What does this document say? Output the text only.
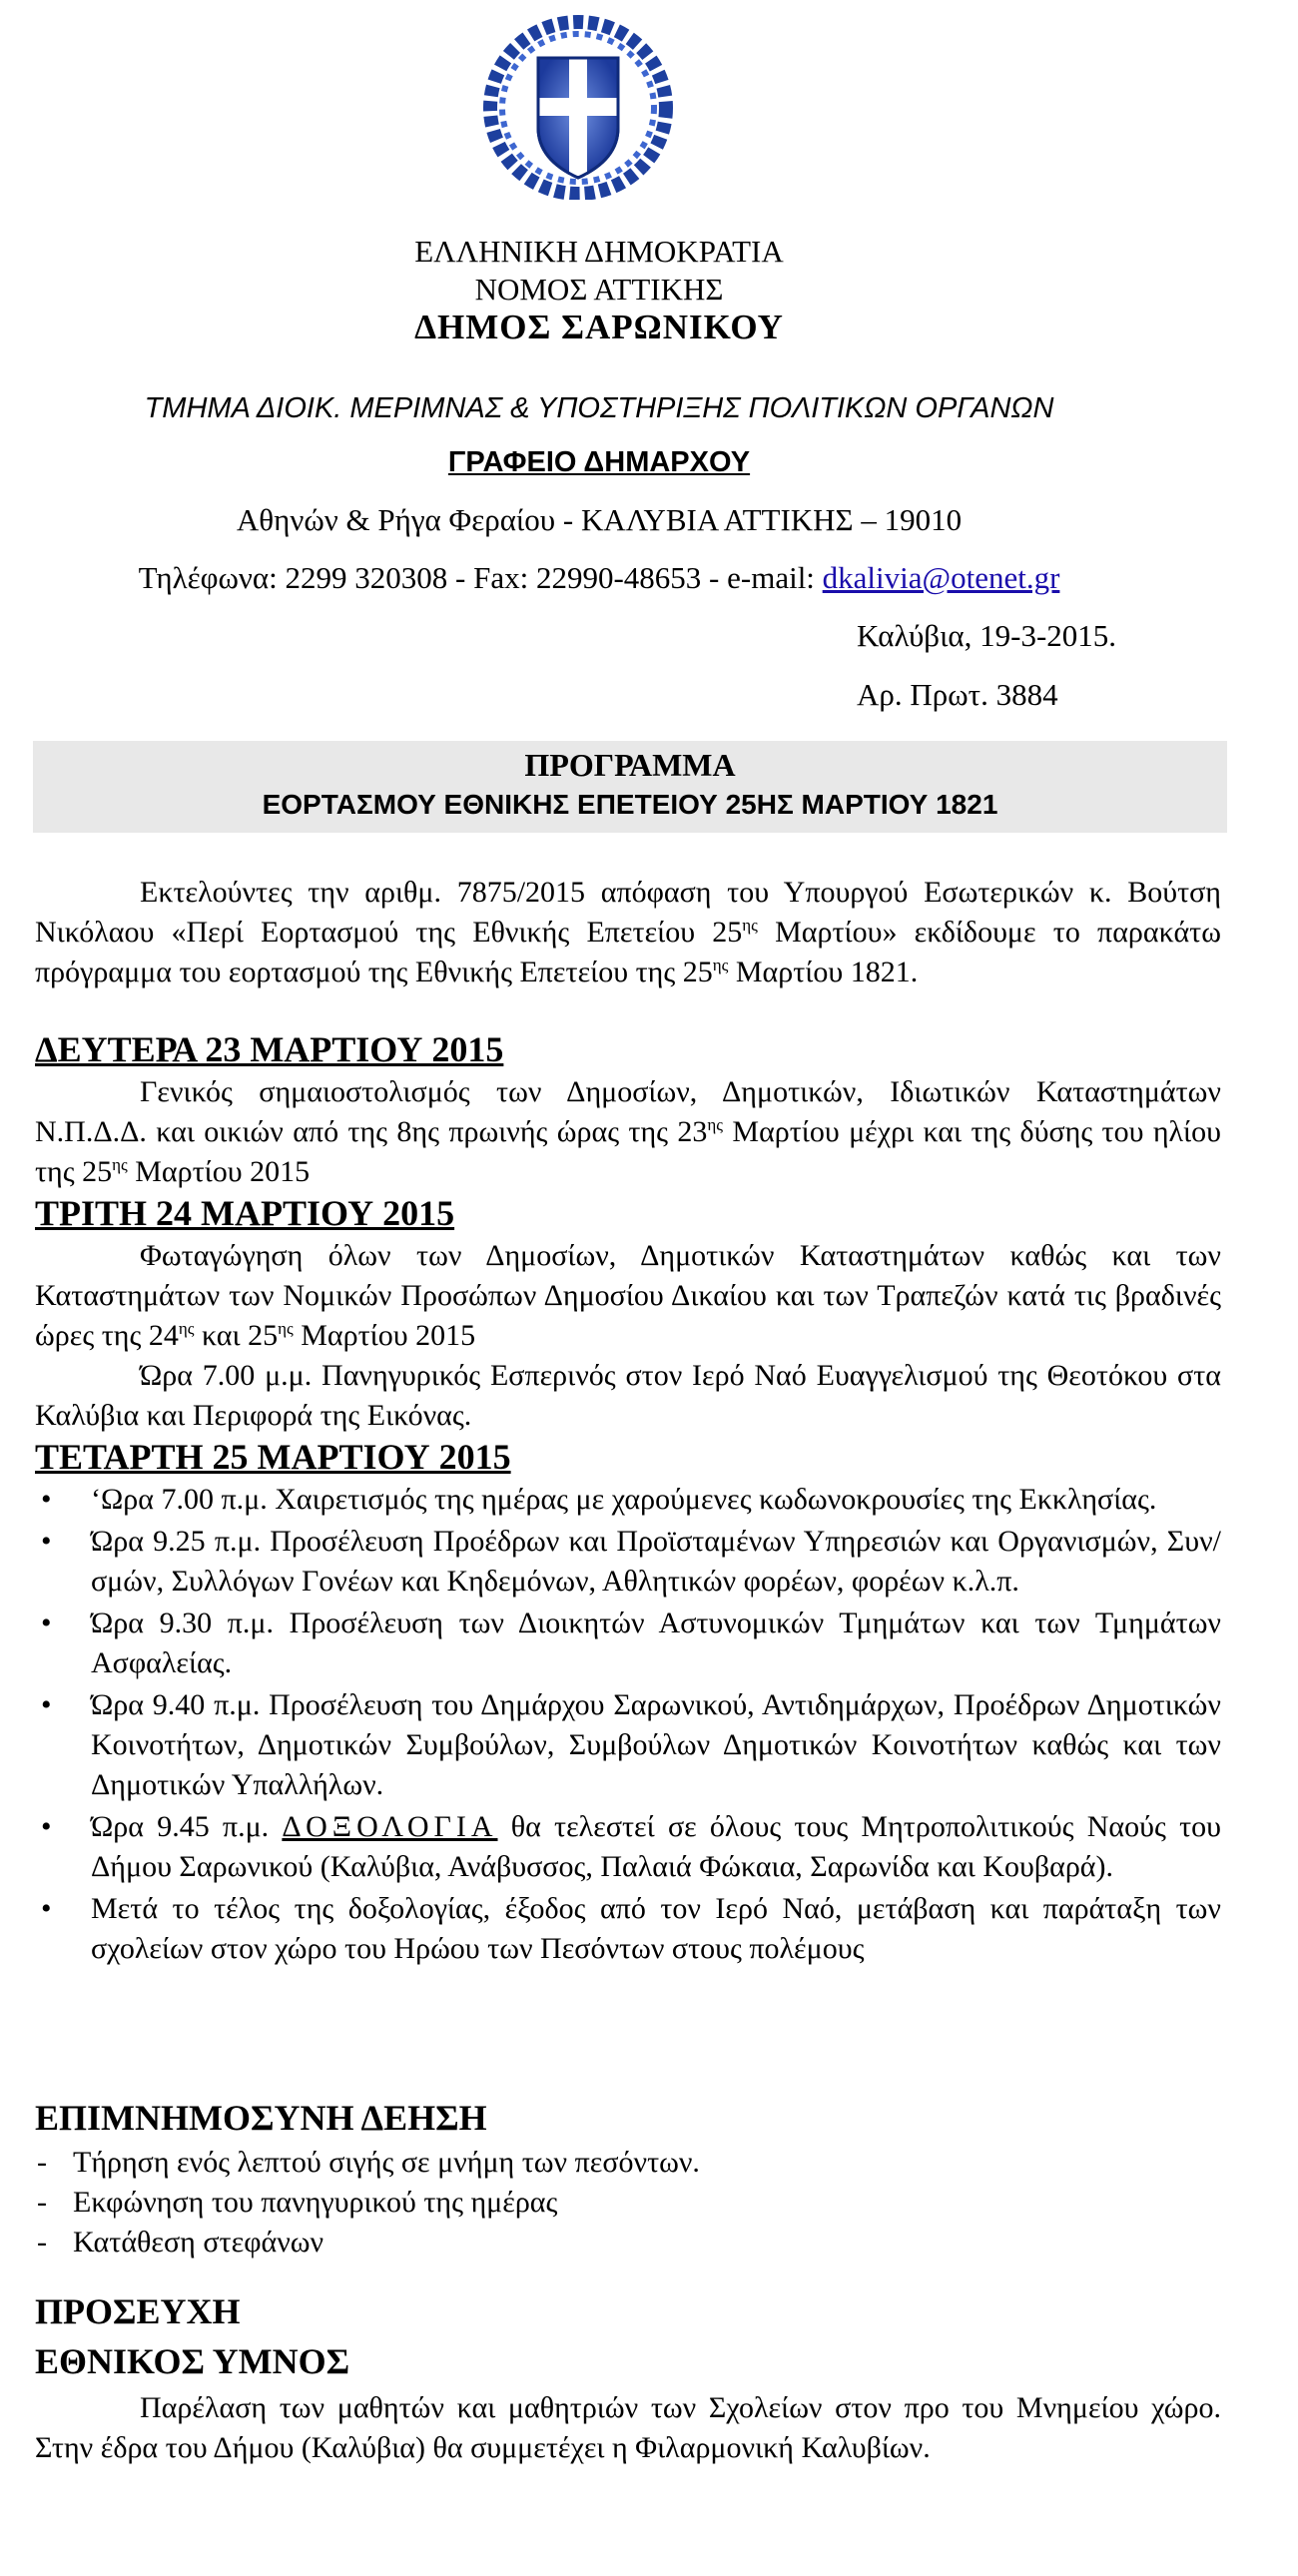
ΕΛΛΗΝΙΚΗ ΔΗΜΟΚΡΑΤΙΑ
ΝΟΜΟΣ ΑΤΤΙΚΗΣ
ΔΗΜΟΣ ΣΑΡΩΝΙΚΟΥ
ΤΜΗΜΑ ΔΙΟΙΚ. ΜΕΡΙΜΝΑΣ & ΥΠΟΣΤΗΡΙΞΗΣ ΠΟΛΙΤΙΚΩΝ ΟΡΓΑΝΩΝ
ΓΡΑΦΕΙΟ ΔΗΜΑΡΧΟΥ
Αθηνών & Ρήγα Φεραίου - ΚΑΛΥΒΙΑ ΑΤΤΙΚΗΣ – 19010
Τηλέφωνα: 2299 320308 - Fax: 22990-48653 - e-mail: dkalivia@otenet.gr
Καλύβια, 19-3-2015.
Αρ. Πρωτ. 3884
ΠΡΟΓΡΑΜΜΑ
ΕΟΡΤΑΣΜΟΥ ΕΘΝΙΚΗΣ ΕΠΕΤΕΙΟΥ 25ΗΣ ΜΑΡΤΙΟΥ 1821

Εκτελούντες την αριθμ. 7875/2015 απόφαση του Υπουργού Εσωτερικών κ. Βούτση Νικόλαου «Περί Εορτασμού της Εθνικής Επετείου $25^{\eta\varsigma}$ Μαρτίου» εκδίδουμε το παρακάτω πρόγραμμα του εορτασμού της Εθνικής Επετείου της $25^{\eta\varsigma}$ Μαρτίου 1821.

ΔΕΥΤΕΡΑ 23 ΜΑΡΤΙΟΥ 2015

Γενικός σημαιοστολισμός των Δημοσίων, Δημοτικών, Ιδιωτικών Καταστημάτων Ν.Π.Δ.Δ. και οικιών από της 8ης πρωινής ώρας της $23^{\eta\varsigma}$ Μαρτίου μέχρι και της δύσης του ηλίου της $25^{\eta\varsigma}$ Μαρτίου 2015

ΤΡΙΤΗ 24 ΜΑΡΤΙΟΥ 2015

Φωταγώγηση όλων των Δημοσίων, Δημοτικών Καταστημάτων καθώς και των Καταστημάτων των Νομικών Προσώπων Δημοσίου Δικαίου και των Τραπεζών κατά τις βραδινές ώρες της $24^{\eta\varsigma}$ και $25^{\eta\varsigma}$ Μαρτίου 2015

Ώρα 7.00 μ.μ. Πανηγυρικός Εσπερινός στον Ιερό Ναό Ευαγγελισμού της Θεοτόκου στα Καλύβια και Περιφορά της Εικόνας.

ΤΕΤΑΡΤΗ 25 ΜΑΡΤΙΟΥ 2015
• ‘Ωρα 7.00 π.μ. Χαιρετισμός της ημέρας με χαρούμενες κωδωνοκρουσίες της Εκκλησίας.
• Ώρα 9.25 π.μ. Προσέλευση Προέδρων και Προϊσταμένων Υπηρεσιών και Οργανισμών, Συν/σμών, Συλλόγων Γονέων και Κηδεμόνων, Αθλητικών φορέων, φορέων κ.λ.π.
• Ώρα 9.30 π.μ. Προσέλευση των Διοικητών Αστυνομικών Τμημάτων και των Τμημάτων Ασφαλείας.
• Ώρα 9.40 π.μ. Προσέλευση του Δημάρχου Σαρωνικού, Αντιδημάρχων, Προέδρων Δημοτικών Κοινοτήτων, Δημοτικών Συμβούλων, Συμβούλων Δημοτικών Κοινοτήτων καθώς και των Δημοτικών Υπαλλήλων.
• Ώρα 9.45 π.μ. ΔΟΞΟΛΟΓΙΑ θα τελεστεί σε όλους τους Μητροπολιτικούς Ναούς του Δήμου Σαρωνικού (Καλύβια, Ανάβυσσος, Παλαιά Φώκαια, Σαρωνίδα και Κουβαρά).
• Μετά το τέλος της δοξολογίας, έξοδος από τον Ιερό Ναό, μετάβαση και παράταξη των σχολείων στον χώρο του Ηρώου των Πεσόντων στους πολέμους
ΕΠΙΜΝΗΜΟΣΥΝΗ ΔΕΗΣΗ
- Τήρηση ενός λεπτού σιγής σε μνήμη των πεσόντων.
- Εκφώνηση του πανηγυρικού της ημέρας
- Κατάθεση στεφάνων
ΠΡΟΣΕΥΧΗ
ΕΘΝΙΚΟΣ ΥΜΝΟΣ

Παρέλαση των μαθητών και μαθητριών των Σχολείων στον προ του Μνημείου χώρο. Στην έδρα του Δήμου (Καλύβια) θα συμμετέχει η Φιλαρμονική Καλυβίων.
